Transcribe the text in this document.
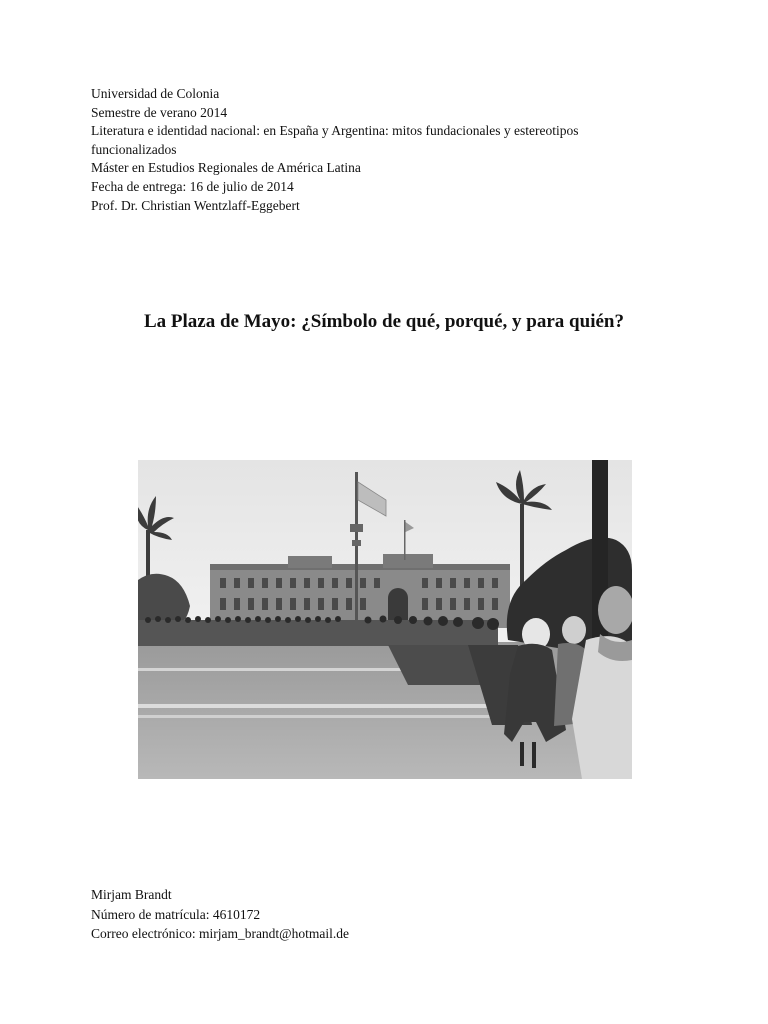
Universidad de Colonia
Semestre de verano 2014
Literatura e identidad nacional: en España y Argentina: mitos fundacionales y estereotipos
funcionalizados
Máster en Estudios Regionales de América Latina
Fecha de entrega: 16 de julio de 2014
Prof. Dr. Christian Wentzlaff-Eggebert
La Plaza de Mayo: ¿Símbolo de qué, porqué, y para quién?
Mirjam Brandt
Número de matrícula: 4610172
Correo electrónico: mirjam_brandt@hotmail.de
